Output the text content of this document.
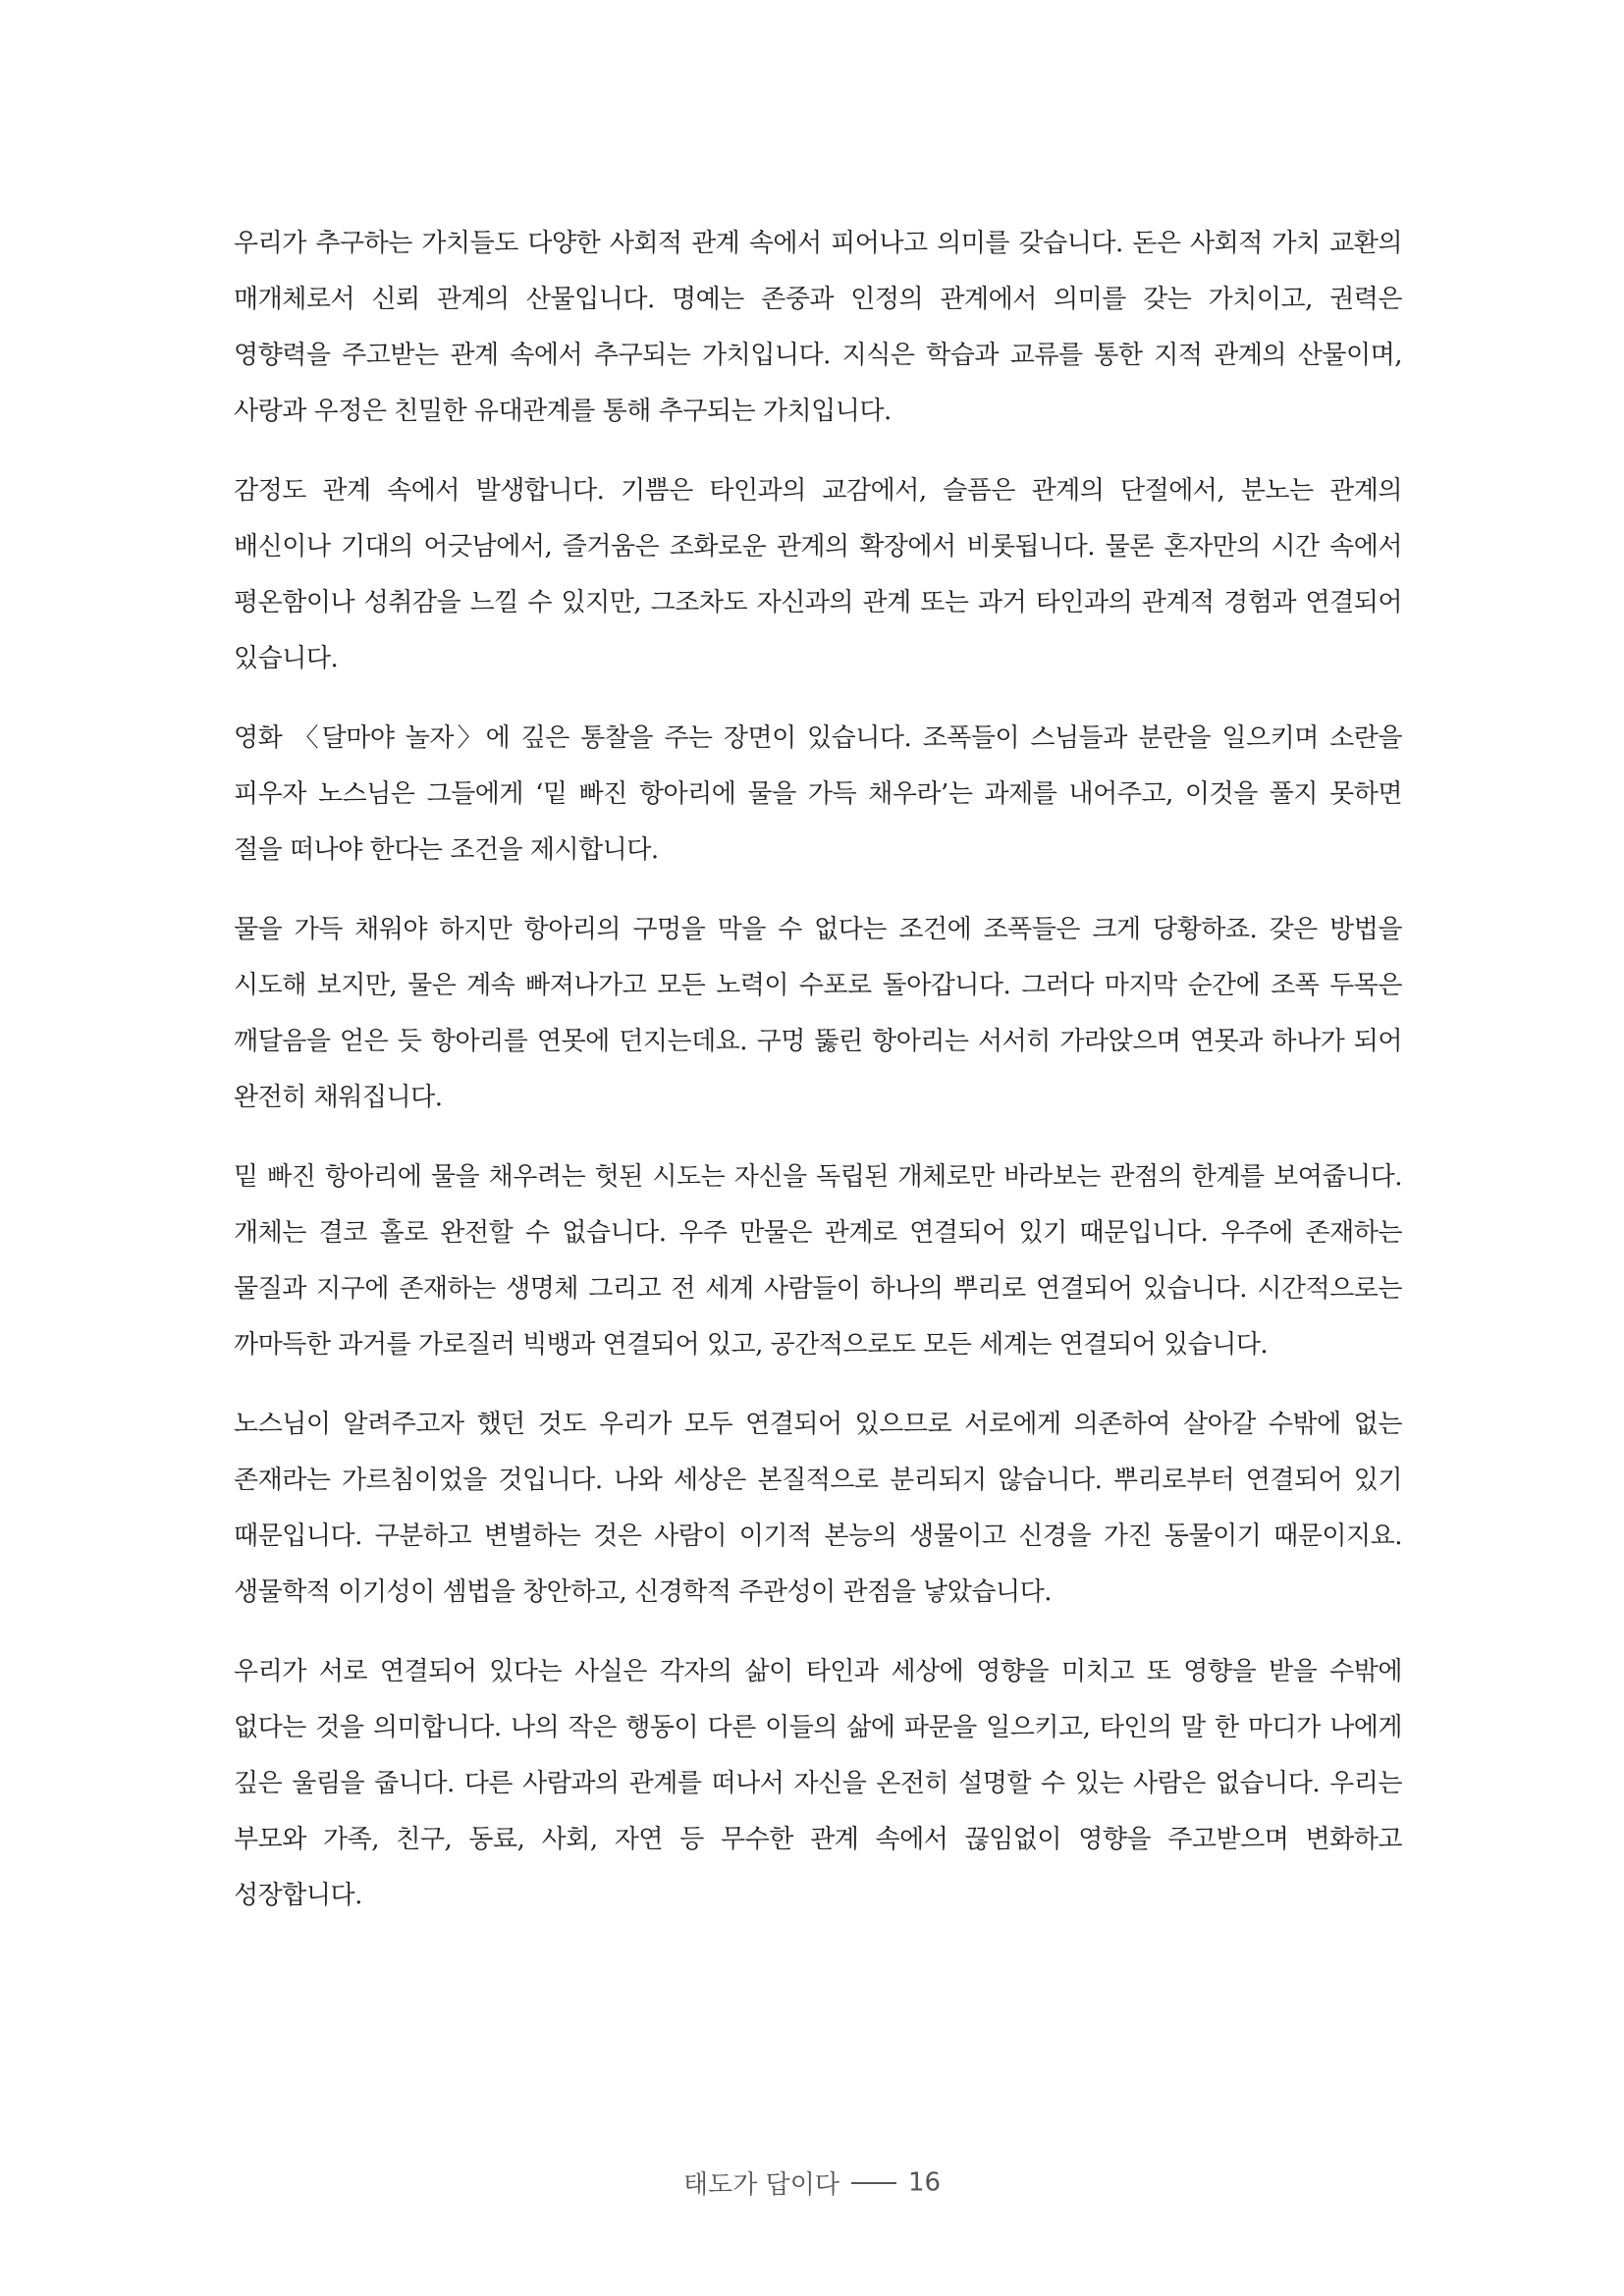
우리가 추구하는 가치들도 다양한 사회적 관계 속에서 피어나고 의미를 갖습니다. 돈은 사회적 가치 교환의 매개체로서 신뢰 관계의 산물입니다. 명예는 존중과 인정의 관계에서 의미를 갖는 가치이고, 권력은 영향력을 주고받는 관계 속에서 추구되는 가치입니다. 지식은 학습과 교류를 통한 지적 관계의 산물이며, 사랑과 우정은 친밀한 유대관계를 통해 추구되는 가치입니다.

감정도 관계 속에서 발생합니다. 기쁨은 타인과의 교감에서, 슬픔은 관계의 단절에서, 분노는 관계의 배신이나 기대의 어긋남에서, 즐거움은 조화로운 관계의 확장에서 비롯됩니다. 물론 혼자만의 시간 속에서 평온함이나 성취감을 느낄 수 있지만, 그조차도 자신과의 관계 또는 과거 타인과의 관계적 경험과 연결되어 있습니다.

영화 〈달마야 놀자〉에 깊은 통찰을 주는 장면이 있습니다. 조폭들이 스님들과 분란을 일으키며 소란을 피우자 노스님은 그들에게 ‘밑 빠진 항아리에 물을 가득 채우라’는 과제를 내어주고, 이것을 풀지 못하면 절을 떠나야 한다는 조건을 제시합니다.

물을 가득 채워야 하지만 항아리의 구멍을 막을 수 없다는 조건에 조폭들은 크게 당황하죠. 갖은 방법을 시도해 보지만, 물은 계속 빠져나가고 모든 노력이 수포로 돌아갑니다. 그러다 마지막 순간에 조폭 두목은 깨달음을 얻은 듯 항아리를 연못에 던지는데요. 구멍 뚫린 항아리는 서서히 가라앉으며 연못과 하나가 되어 완전히 채워집니다.

밑 빠진 항아리에 물을 채우려는 헛된 시도는 자신을 독립된 개체로만 바라보는 관점의 한계를 보여줍니다. 개체는 결코 홀로 완전할 수 없습니다. 우주 만물은 관계로 연결되어 있기 때문입니다. 우주에 존재하는 물질과 지구에 존재하는 생명체 그리고 전 세계 사람들이 하나의 뿌리로 연결되어 있습니다. 시간적으로는 까마득한 과거를 가로질러 빅뱅과 연결되어 있고, 공간적으로도 모든 세계는 연결되어 있습니다.

노스님이 알려주고자 했던 것도 우리가 모두 연결되어 있으므로 서로에게 의존하여 살아갈 수밖에 없는 존재라는 가르침이었을 것입니다. 나와 세상은 본질적으로 분리되지 않습니다. 뿌리로부터 연결되어 있기 때문입니다. 구분하고 변별하는 것은 사람이 이기적 본능의 생물이고 신경을 가진 동물이기 때문이지요. 생물학적 이기성이 셈법을 창안하고, 신경학적 주관성이 관점을 낳았습니다.

우리가 서로 연결되어 있다는 사실은 각자의 삶이 타인과 세상에 영향을 미치고 또 영향을 받을 수밖에 없다는 것을 의미합니다. 나의 작은 행동이 다른 이들의 삶에 파문을 일으키고, 타인의 말 한 마디가 나에게 깊은 울림을 줍니다. 다른 사람과의 관계를 떠나서 자신을 온전히 설명할 수 있는 사람은 없습니다. 우리는 부모와 가족, 친구, 동료, 사회, 자연 등 무수한 관계 속에서 끊임없이 영향을 주고받으며 변화하고 성장합니다.

태도가 답이다	16
